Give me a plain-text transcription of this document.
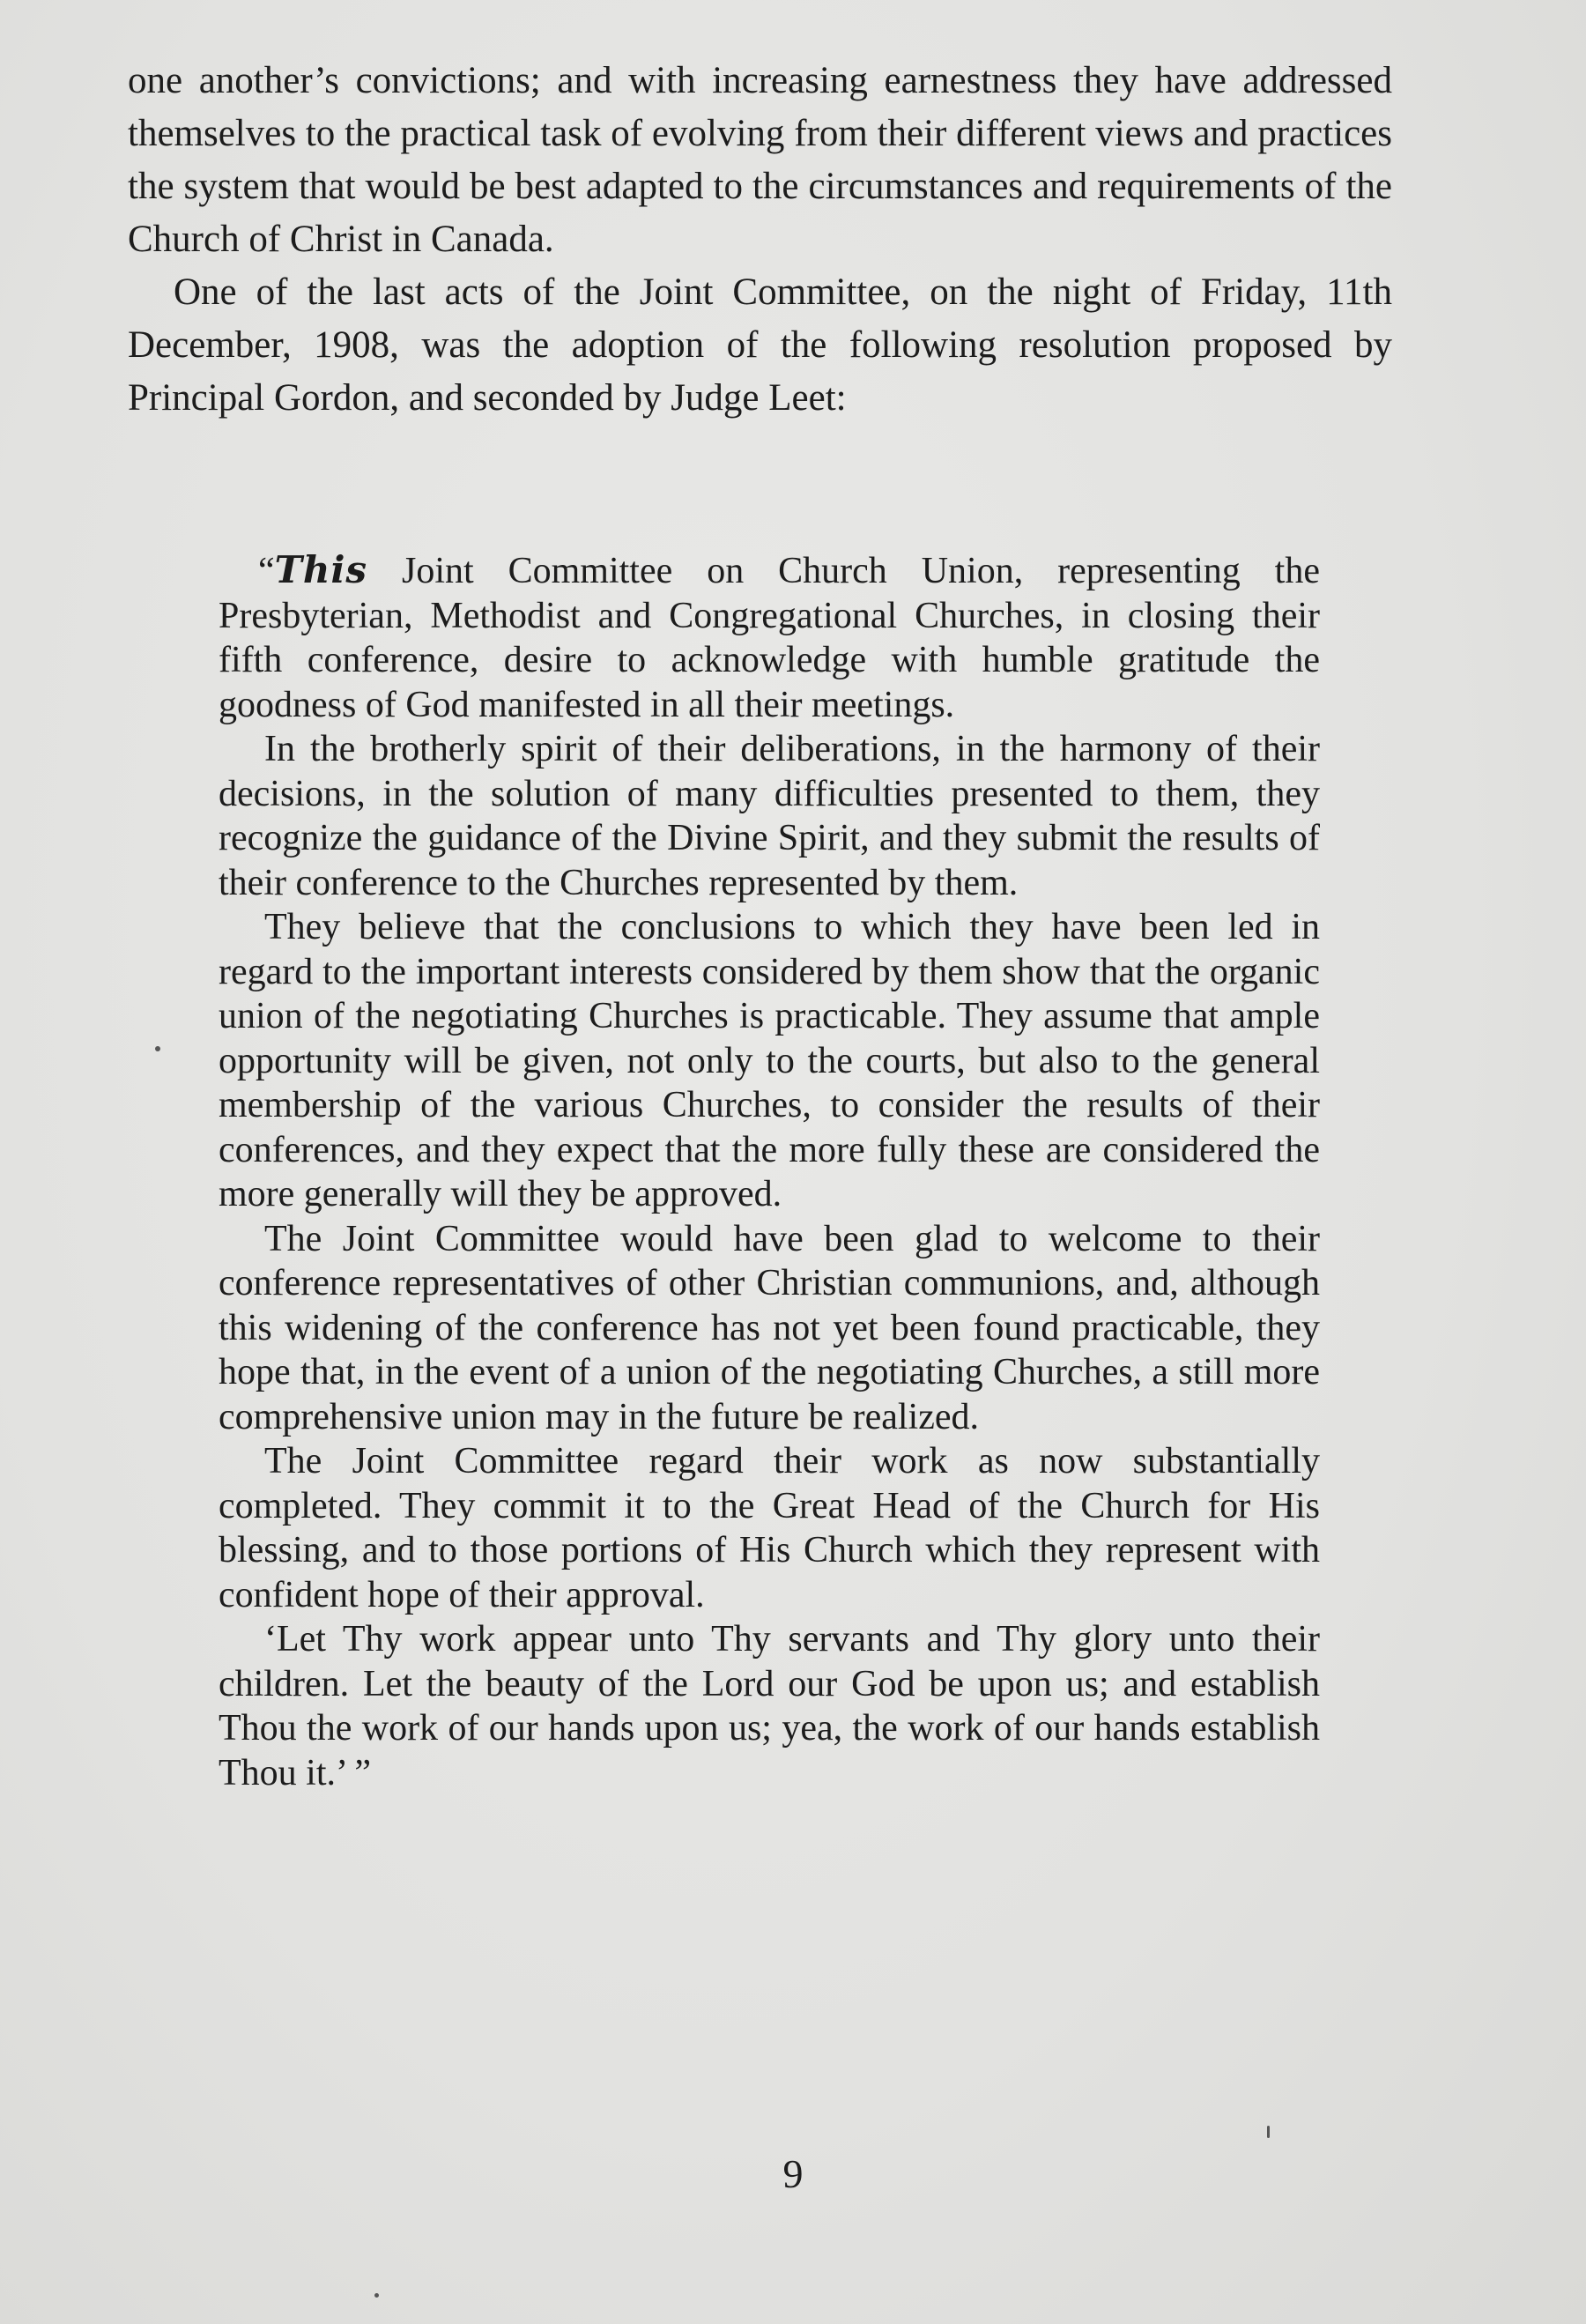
one another’s convictions; and with increasing earnestness they have addressed themselves to the practical task of evolving from their different views and practices the system that would be best adapted to the circumstances and requirements of the Church of Christ in Canada.

One of the last acts of the Joint Committee, on the night of Friday, 11th December, 1908, was the adoption of the following resolution proposed by Principal Gordon, and seconded by Judge Leet:

“This Joint Committee on Church Union, representing the Presbyterian, Methodist and Congregational Churches, in closing their fifth conference, desire to acknowledge with humble gratitude the goodness of God manifested in all their meetings.

In the brotherly spirit of their deliberations, in the harmony of their decisions, in the solution of many difficulties presented to them, they recognize the guidance of the Divine Spirit, and they submit the results of their conference to the Churches represented by them.

They believe that the conclusions to which they have been led in regard to the important interests considered by them show that the organic union of the negotiating Churches is practicable. They assume that ample opportunity will be given, not only to the courts, but also to the general membership of the various Churches, to consider the results of their conferences, and they expect that the more fully these are considered the more generally will they be approved.

The Joint Committee would have been glad to welcome to their conference representatives of other Christian communions, and, although this widening of the conference has not yet been found practicable, they hope that, in the event of a union of the negotiating Churches, a still more comprehensive union may in the future be realized.

The Joint Committee regard their work as now substantially completed. They commit it to the Great Head of the Church for His blessing, and to those portions of His Church which they represent with confident hope of their approval.

‘Let Thy work appear unto Thy servants and Thy glory unto their children. Let the beauty of the Lord our God be upon us; and establish Thou the work of our hands upon us; yea, the work of our hands establish Thou it.’ ”

9
